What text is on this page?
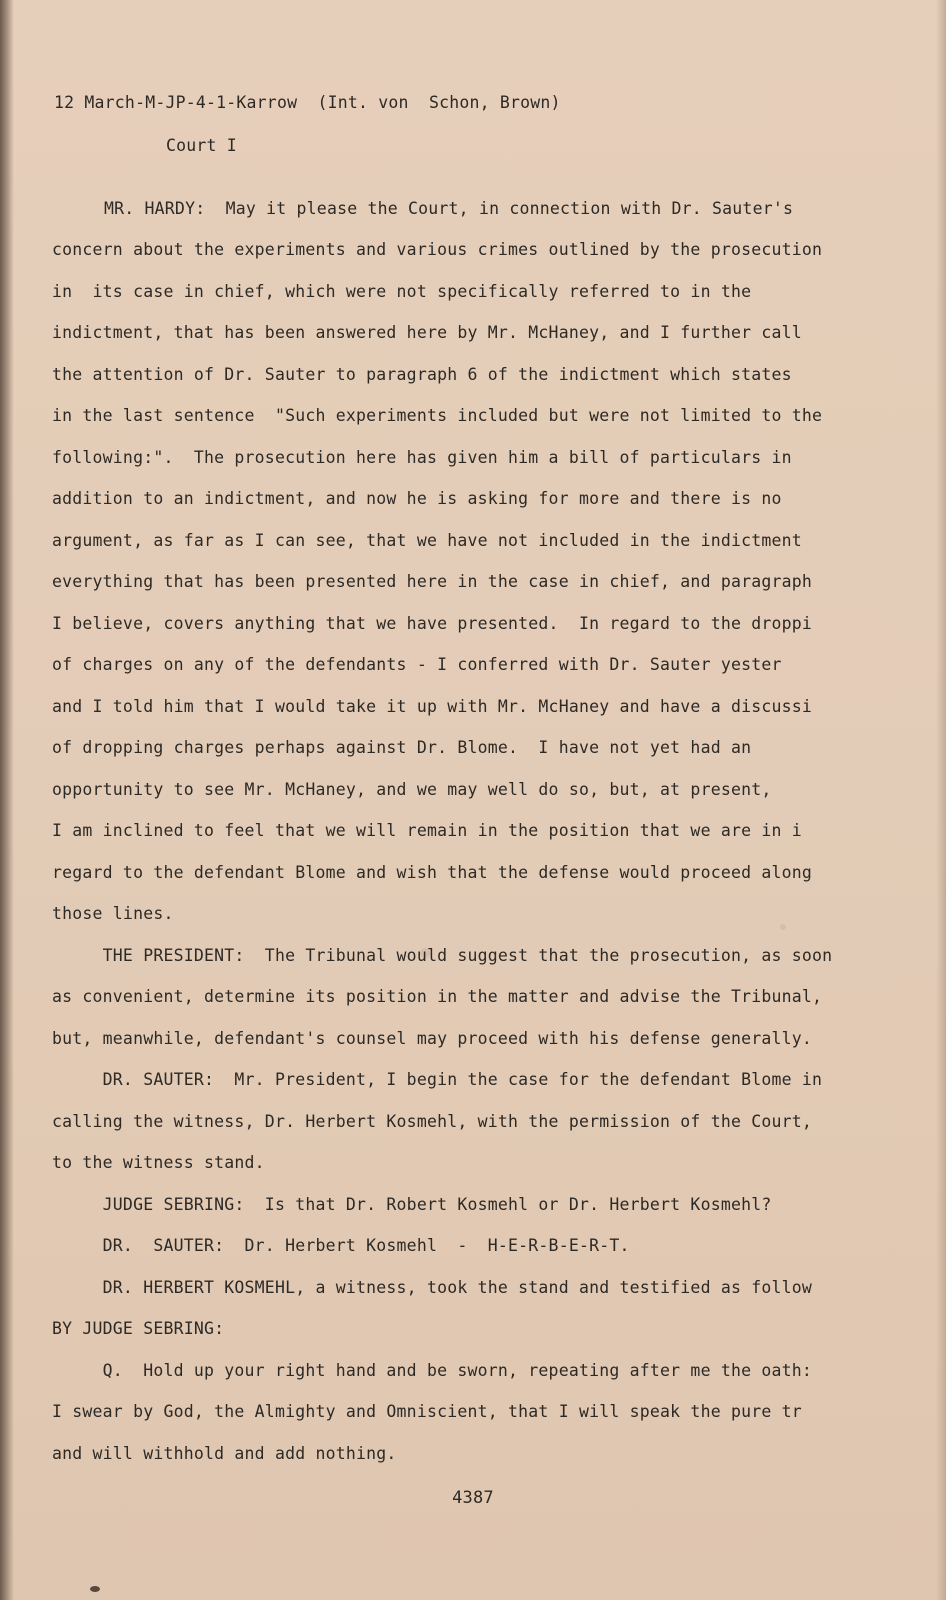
12 March-M-JP-4-1-Karrow  (Int. von  Schon, Brown)
Court I
MR. HARDY:  May it please the Court, in connection with Dr. Sauter's
concern about the experiments and various crimes outlined by the prosecution
in  its case in chief, which were not specifically referred to in the
indictment, that has been answered here by Mr. McHaney, and I further call
the attention of Dr. Sauter to paragraph 6 of the indictment which states
in the last sentence  "Such experiments included but were not limited to the
following:".  The prosecution here has given him a bill of particulars in
addition to an indictment, and now he is asking for more and there is no
argument, as far as I can see, that we have not included in the indictment
everything that has been presented here in the case in chief, and paragraph
I believe, covers anything that we have presented.  In regard to the droppi
of charges on any of the defendants - I conferred with Dr. Sauter yester
and I told him that I would take it up with Mr. McHaney and have a discussi
of dropping charges perhaps against Dr. Blome.  I have not yet had an
opportunity to see Mr. McHaney, and we may well do so, but, at present,
I am inclined to feel that we will remain in the position that we are in i
regard to the defendant Blome and wish that the defense would proceed along
those lines.
THE PRESIDENT:  The Tribunal would suggest that the prosecution, as soon
as convenient, determine its position in the matter and advise the Tribunal,
but, meanwhile, defendant's counsel may proceed with his defense generally.
DR. SAUTER:  Mr. President, I begin the case for the defendant Blome in
calling the witness, Dr. Herbert Kosmehl, with the permission of the Court,
to the witness stand.
JUDGE SEBRING:  Is that Dr. Robert Kosmehl or Dr. Herbert Kosmehl?
DR.  SAUTER:  Dr. Herbert Kosmehl  -  H-E-R-B-E-R-T.
DR. HERBERT KOSMEHL, a witness, took the stand and testified as follow
BY JUDGE SEBRING:
Q.  Hold up your right hand and be sworn, repeating after me the oath:
I swear by God, the Almighty and Omniscient, that I will speak the pure tr
and will withhold and add nothing.
4387
